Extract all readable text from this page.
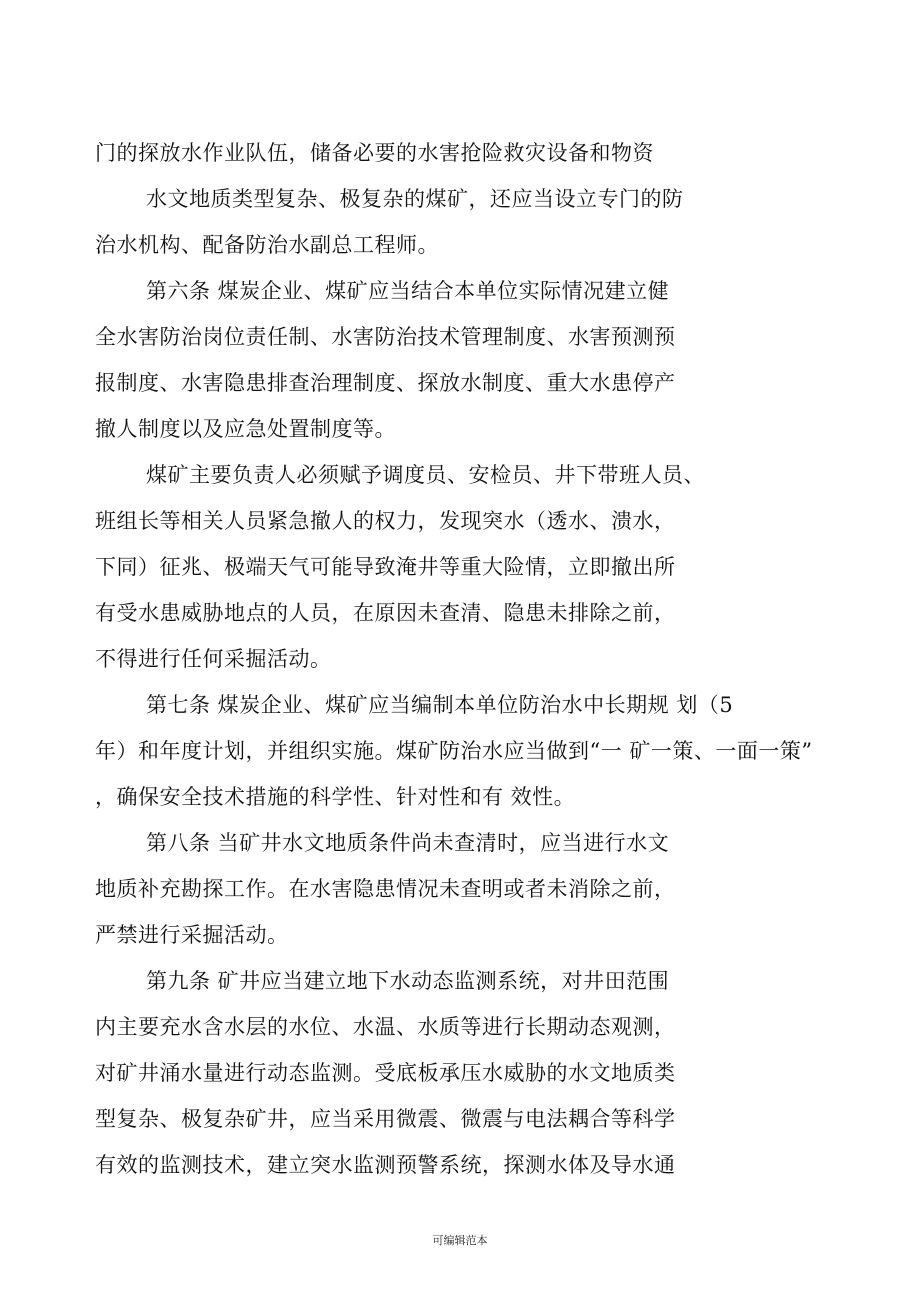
门的探放水作业队伍，储备必要的水害抢险救灾设备和物资
水文地质类型复杂、极复杂的煤矿，还应当设立专门的防
治水机构、配备防治水副总工程师。
第六条 煤炭企业、煤矿应当结合本单位实际情况建立健
全水害防治岗位责任制、水害防治技术管理制度、水害预测预
报制度、水害隐患排查治理制度、探放水制度、重大水患停产
撤人制度以及应急处置制度等。
煤矿主要负责人必须赋予调度员、安检员、井下带班人员、
班组长等相关人员紧急撤人的权力，发现突水（透水、溃水，
下同）征兆、极端天气可能导致淹井等重大险情，立即撤出所
有受水患威胁地点的人员，在原因未查清、隐患未排除之前，
不得进行任何采掘活动。
第七条 煤炭企业、煤矿应当编制本单位防治水中长期规 划（5
年）和年度计划，并组织实施。煤矿防治水应当做到“一 矿一策、一面一策”
，确保安全技术措施的科学性、针对性和有 效性。
第八条 当矿井水文地质条件尚未查清时，应当进行水文
地质补充勘探工作。在水害隐患情况未查明或者未消除之前，
严禁进行采掘活动。
第九条 矿井应当建立地下水动态监测系统，对井田范围
内主要充水含水层的水位、水温、水质等进行长期动态观测，
对矿井涌水量进行动态监测。受底板承压水威胁的水文地质类
型复杂、极复杂矿井，应当采用微震、微震与电法耦合等科学
有效的监测技术，建立突水监测预警系统，探测水体及导水通
可编辑范本
